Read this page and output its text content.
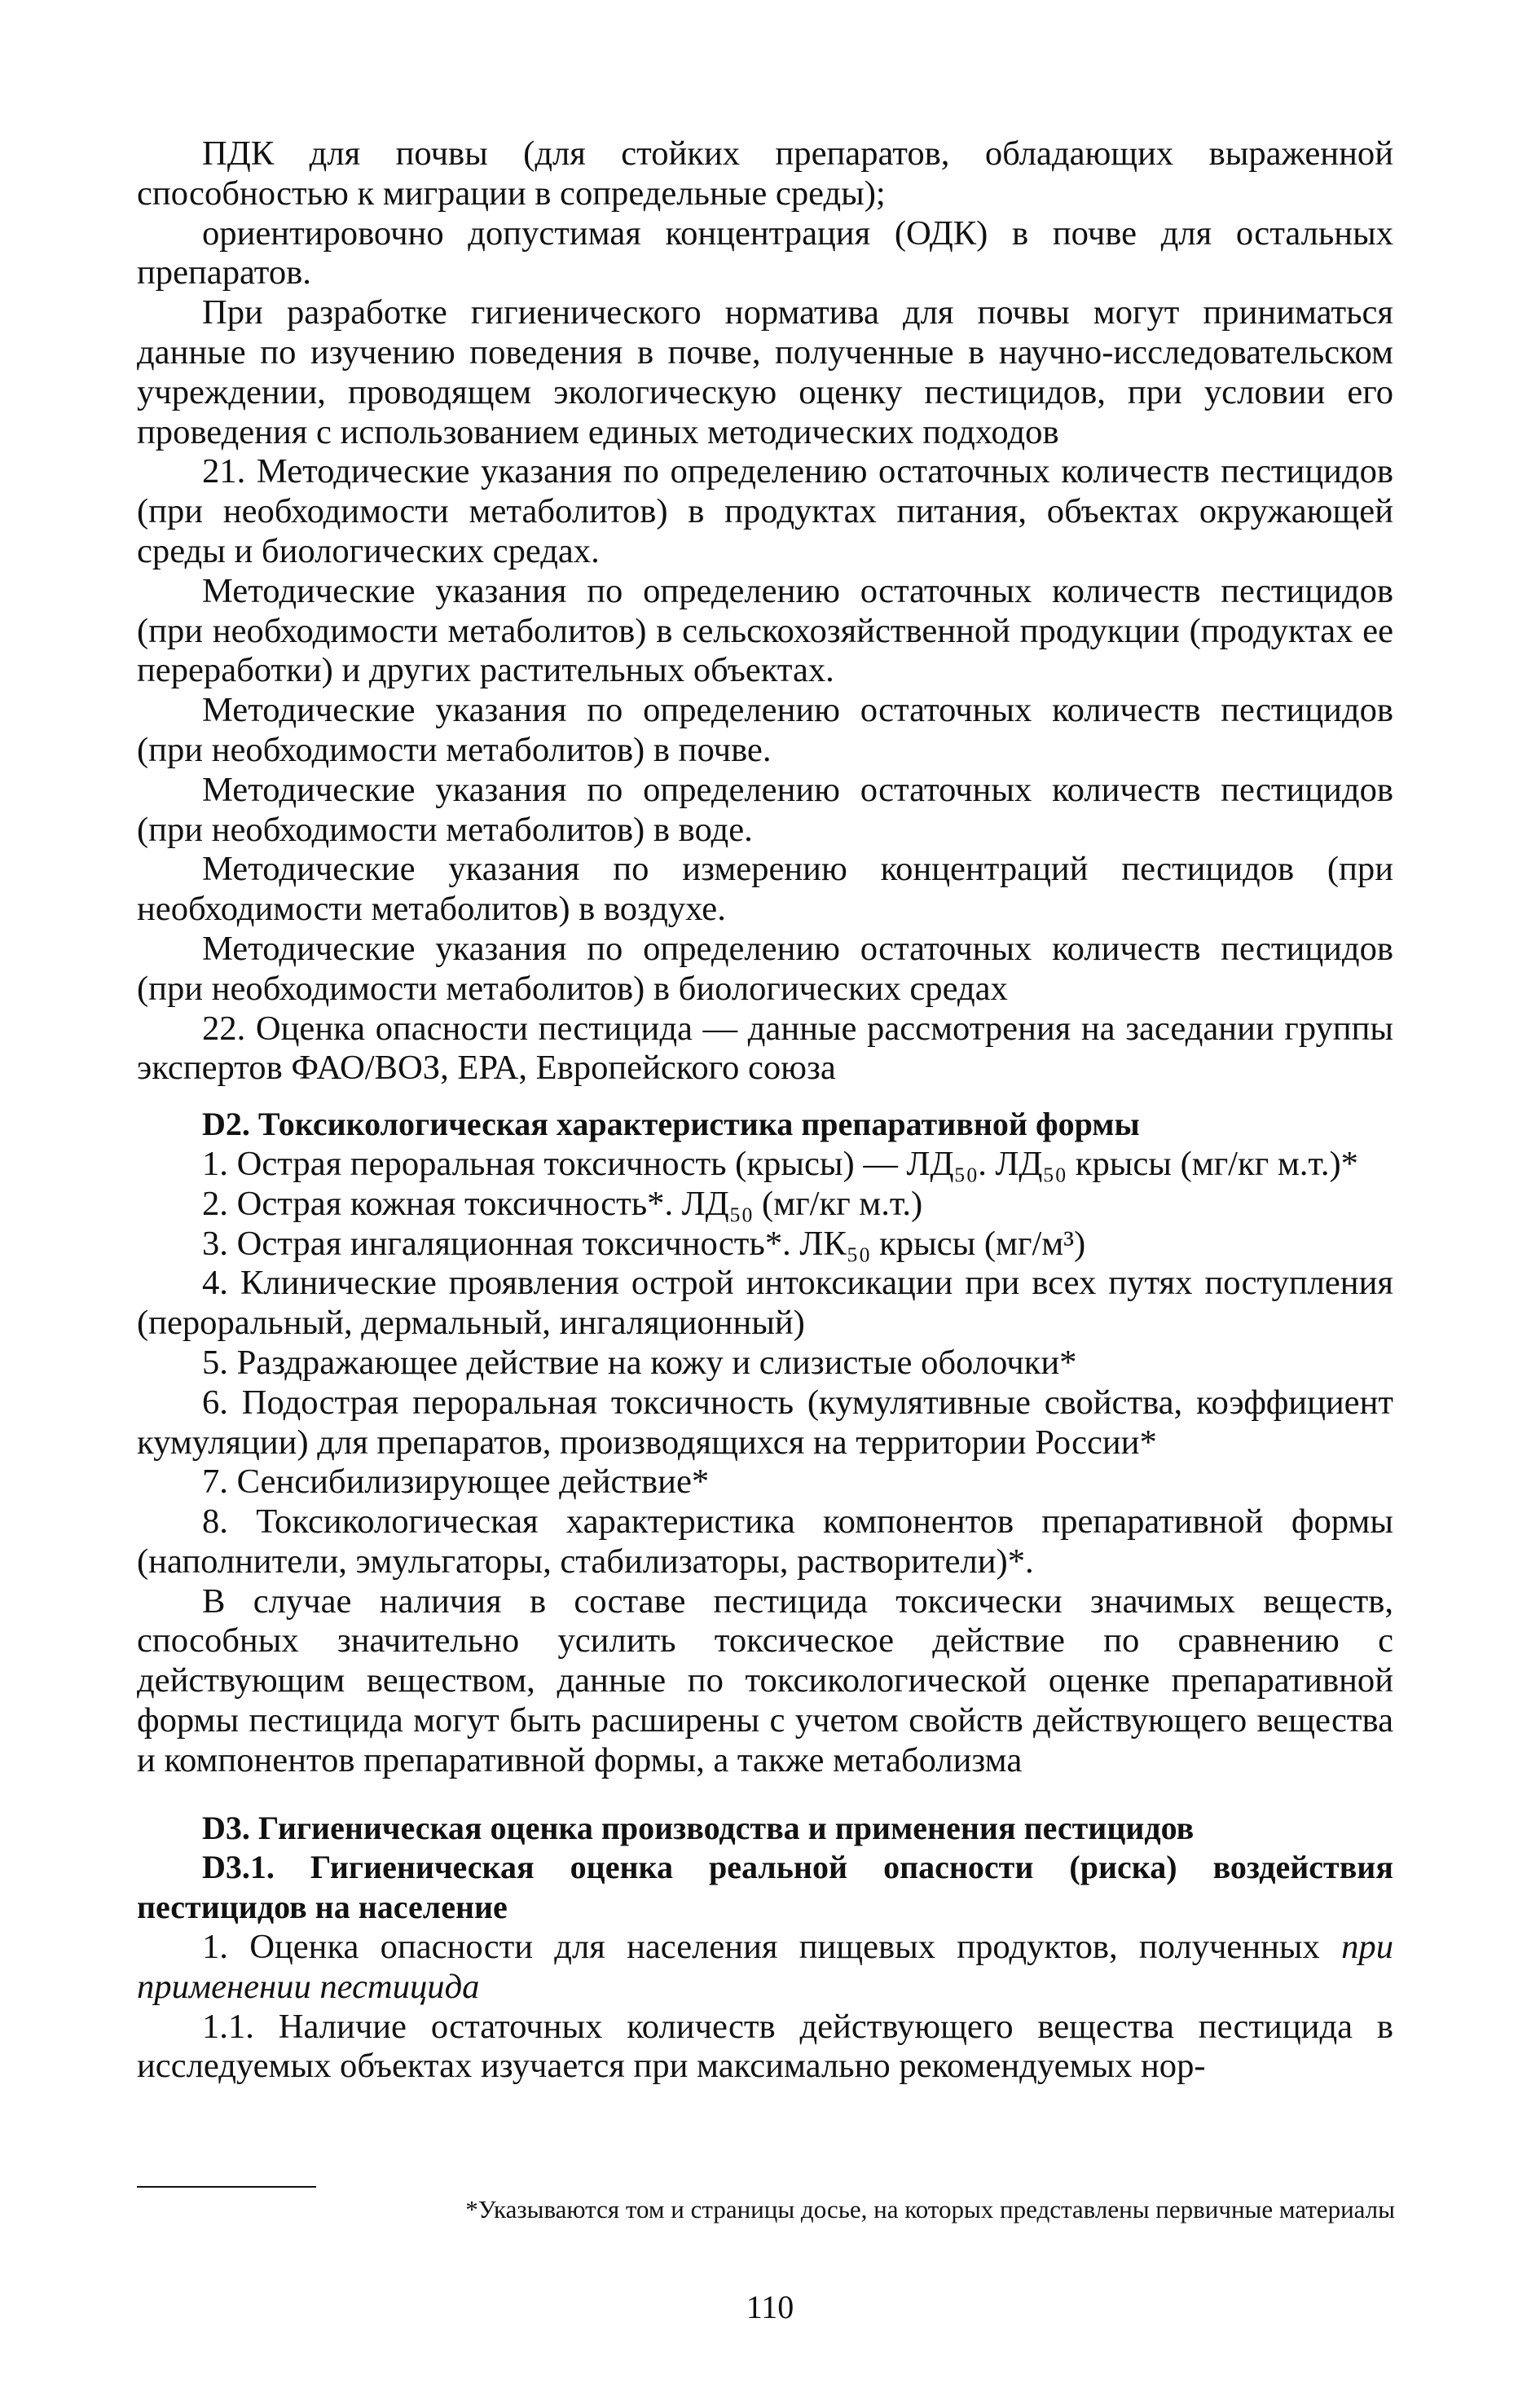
ПДК для почвы (для стойких препаратов, обладающих выраженной способностью к миграции в сопредельные среды);

ориентировочно допустимая концентрация (ОДК) в почве для остальных препаратов.

При разработке гигиенического норматива для почвы могут приниматься данные по изучению поведения в почве, полученные в научно-исследовательском учреждении, проводящем экологическую оценку пестицидов, при условии его проведения с использованием единых методических подходов

21. Методические указания по определению остаточных количеств пестицидов (при необходимости метаболитов) в продуктах питания, объектах окружающей среды и биологических средах.

Методические указания по определению остаточных количеств пестицидов (при необходимости метаболитов) в сельскохозяйственной продукции (продуктах ее переработки) и других растительных объектах.

Методические указания по определению остаточных количеств пестицидов (при необходимости метаболитов) в почве.

Методические указания по определению остаточных количеств пестицидов (при необходимости метаболитов) в воде.

Методические указания по измерению концентраций пестицидов (при необходимости метаболитов) в воздухе.

Методические указания по определению остаточных количеств пестицидов (при необходимости метаболитов) в биологических средах

22. Оценка опасности пестицида — данные рассмотрения на заседании группы экспертов ФАО/ВОЗ, ЕРА, Европейского союза

D2. Токсикологическая характеристика препаративной формы

1. Острая пероральная токсичность (крысы) — ЛД₅₀. ЛД₅₀ крысы (мг/кг м.т.)*

2. Острая кожная токсичность*. ЛД₅₀ (мг/кг м.т.)

3. Острая ингаляционная токсичность*. ЛК₅₀ крысы (мг/м³)

4. Клинические проявления острой интоксикации при всех путях поступления (пероральный, дермальный, ингаляционный)

5. Раздражающее действие на кожу и слизистые оболочки*

6. Подострая пероральная токсичность (кумулятивные свойства, коэффициент кумуляции) для препаратов, производящихся на территории России*

7. Сенсибилизирующее действие*

8. Токсикологическая характеристика компонентов препаративной формы (наполнители, эмульгаторы, стабилизаторы, растворители)*.

В случае наличия в составе пестицида токсически значимых веществ, способных значительно усилить токсическое действие по сравнению с действующим веществом, данные по токсикологической оценке препаративной формы пестицида могут быть расширены с учетом свойств действующего вещества и компонентов препаративной формы, а также метаболизма

D3. Гигиеническая оценка производства и применения пестицидов
D3.1. Гигиеническая оценка реальной опасности (риска) воздействия пестицидов на население

1. Оценка опасности для населения пищевых продуктов, полученных при применении пестицида

1.1. Наличие остаточных количеств действующего вещества пестицида в исследуемых объектах изучается при максимально рекомендуемых нор-

*Указываются том и страницы досье, на которых представлены первичные материалы
110
